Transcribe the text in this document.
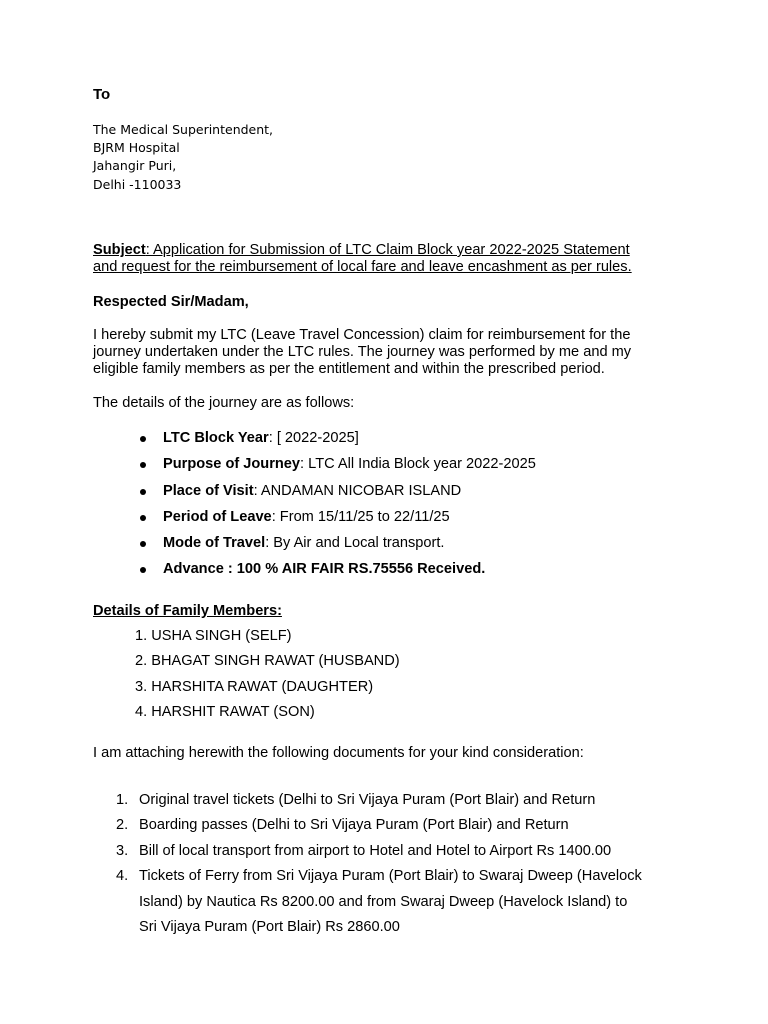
To
The Medical Superintendent,
BJRM Hospital
Jahangir Puri,
Delhi -110033
Subject: Application for Submission of LTC Claim Block year 2022-2025 Statement
and request for the reimbursement of local fare and leave encashment as per rules.
Respected Sir/Madam,
I hereby submit my LTC (Leave Travel Concession) claim for reimbursement for the
journey undertaken under the LTC rules. The journey was performed by me and my
eligible family members as per the entitlement and within the prescribed period.
The details of the journey are as follows:
LTC Block Year: [ 2022-2025]
Purpose of Journey: LTC All India Block year 2022-2025
Place of Visit: ANDAMAN NICOBAR ISLAND
Period of Leave: From 15/11/25 to 22/11/25
Mode of Travel: By Air and Local transport.
Advance : 100 % AIR FAIR RS.75556 Received.
Details of Family Members:
1. USHA SINGH (SELF)
2. BHAGAT SINGH RAWAT (HUSBAND)
3. HARSHITA RAWAT (DAUGHTER)
4. HARSHIT RAWAT (SON)
I am attaching herewith the following documents for your kind consideration:
1. Original travel tickets (Delhi to Sri Vijaya Puram (Port Blair) and Return
2. Boarding passes (Delhi to Sri Vijaya Puram (Port Blair) and Return
3. Bill of local transport from airport to Hotel and Hotel to Airport Rs 1400.00
4. Tickets of Ferry from Sri Vijaya Puram (Port Blair) to Swaraj Dweep (Havelock
Island) by Nautica Rs 8200.00 and from Swaraj Dweep (Havelock Island) to
Sri Vijaya Puram (Port Blair) Rs 2860.00
